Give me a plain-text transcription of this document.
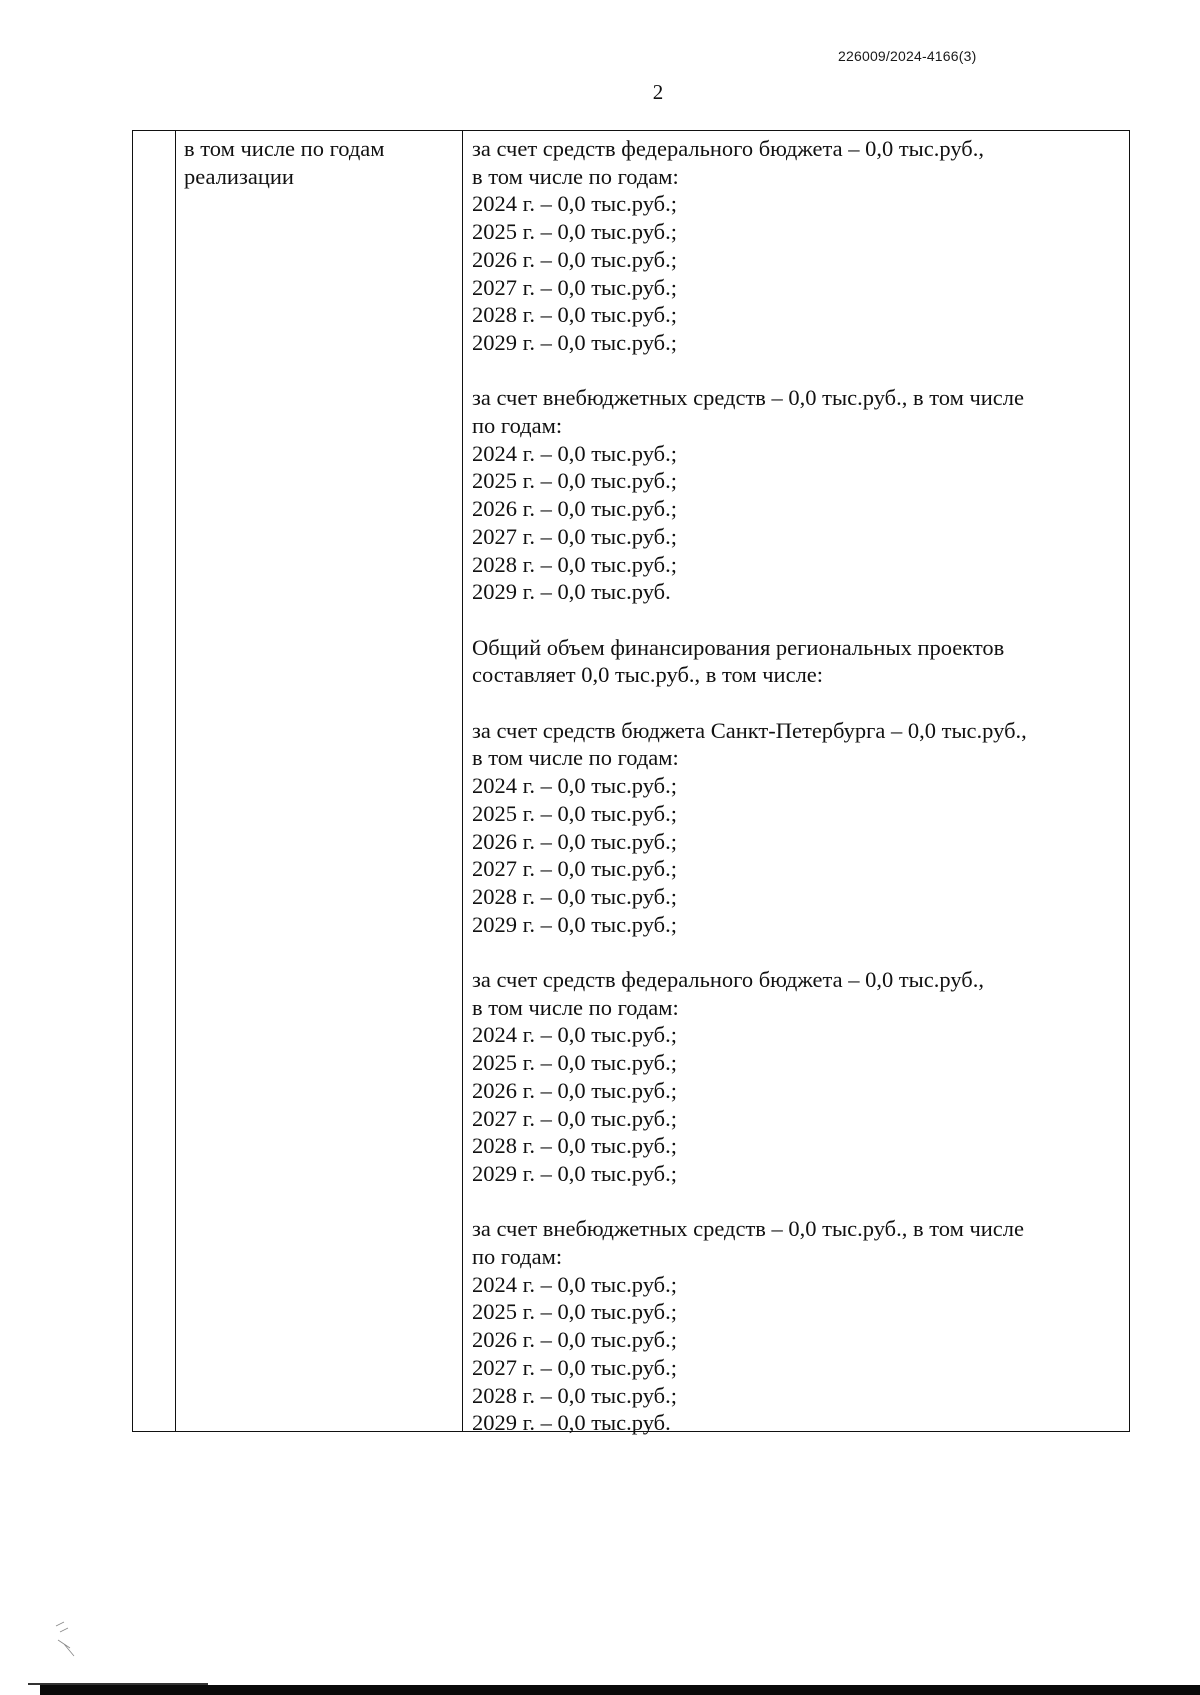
226009/2024-4166(3)
2
в том числе по годам
реализации
за счет средств федерального бюджета – 0,0 тыс.руб.,
в том числе по годам:
2024 г. – 0,0 тыс.руб.;
2025 г. – 0,0 тыс.руб.;
2026 г. – 0,0 тыс.руб.;
2027 г. – 0,0 тыс.руб.;
2028 г. – 0,0 тыс.руб.;
2029 г. – 0,0 тыс.руб.;
за счет внебюджетных средств – 0,0 тыс.руб., в том числе
по годам:
2024 г. – 0,0 тыс.руб.;
2025 г. – 0,0 тыс.руб.;
2026 г. – 0,0 тыс.руб.;
2027 г. – 0,0 тыс.руб.;
2028 г. – 0,0 тыс.руб.;
2029 г. – 0,0 тыс.руб.
Общий объем финансирования региональных проектов
составляет 0,0 тыс.руб., в том числе:
за счет средств бюджета Санкт-Петербурга – 0,0 тыс.руб.,
в том числе по годам:
2024 г. – 0,0 тыс.руб.;
2025 г. – 0,0 тыс.руб.;
2026 г. – 0,0 тыс.руб.;
2027 г. – 0,0 тыс.руб.;
2028 г. – 0,0 тыс.руб.;
2029 г. – 0,0 тыс.руб.;
за счет средств федерального бюджета – 0,0 тыс.руб.,
в том числе по годам:
2024 г. – 0,0 тыс.руб.;
2025 г. – 0,0 тыс.руб.;
2026 г. – 0,0 тыс.руб.;
2027 г. – 0,0 тыс.руб.;
2028 г. – 0,0 тыс.руб.;
2029 г. – 0,0 тыс.руб.;
за счет внебюджетных средств – 0,0 тыс.руб., в том числе
по годам:
2024 г. – 0,0 тыс.руб.;
2025 г. – 0,0 тыс.руб.;
2026 г. – 0,0 тыс.руб.;
2027 г. – 0,0 тыс.руб.;
2028 г. – 0,0 тыс.руб.;
2029 г. – 0,0 тыс.руб.
